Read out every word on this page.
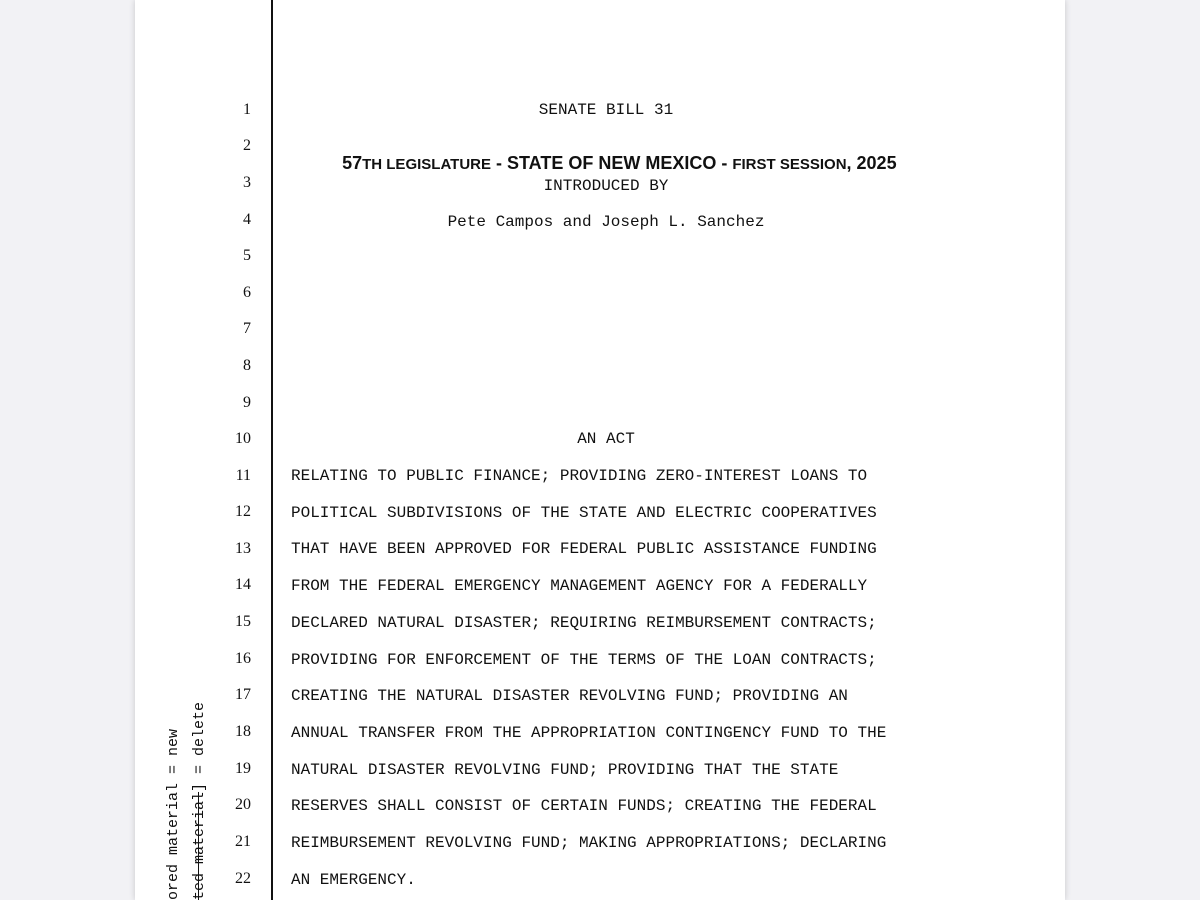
ored material = new ted material] = delete
1
2
3
4
5
6
7
8
9
10
11
12
13
14
15
16
17
18
19
20
21
22
SENATE BILL 31

57TH LEGISLATURE - STATE OF NEW MEXICO - FIRST SESSION, 2025

INTRODUCED BY
Pete Campos and Joseph L. Sanchez
AN ACT
RELATING TO PUBLIC FINANCE; PROVIDING ZERO-INTEREST LOANS TO
POLITICAL SUBDIVISIONS OF THE STATE AND ELECTRIC COOPERATIVES
THAT HAVE BEEN APPROVED FOR FEDERAL PUBLIC ASSISTANCE FUNDING
FROM THE FEDERAL EMERGENCY MANAGEMENT AGENCY FOR A FEDERALLY
DECLARED NATURAL DISASTER; REQUIRING REIMBURSEMENT CONTRACTS;
PROVIDING FOR ENFORCEMENT OF THE TERMS OF THE LOAN CONTRACTS;
CREATING THE NATURAL DISASTER REVOLVING FUND; PROVIDING AN
ANNUAL TRANSFER FROM THE APPROPRIATION CONTINGENCY FUND TO THE
NATURAL DISASTER REVOLVING FUND; PROVIDING THAT THE STATE
RESERVES SHALL CONSIST OF CERTAIN FUNDS; CREATING THE FEDERAL
REIMBURSEMENT REVOLVING FUND; MAKING APPROPRIATIONS; DECLARING
AN EMERGENCY.
